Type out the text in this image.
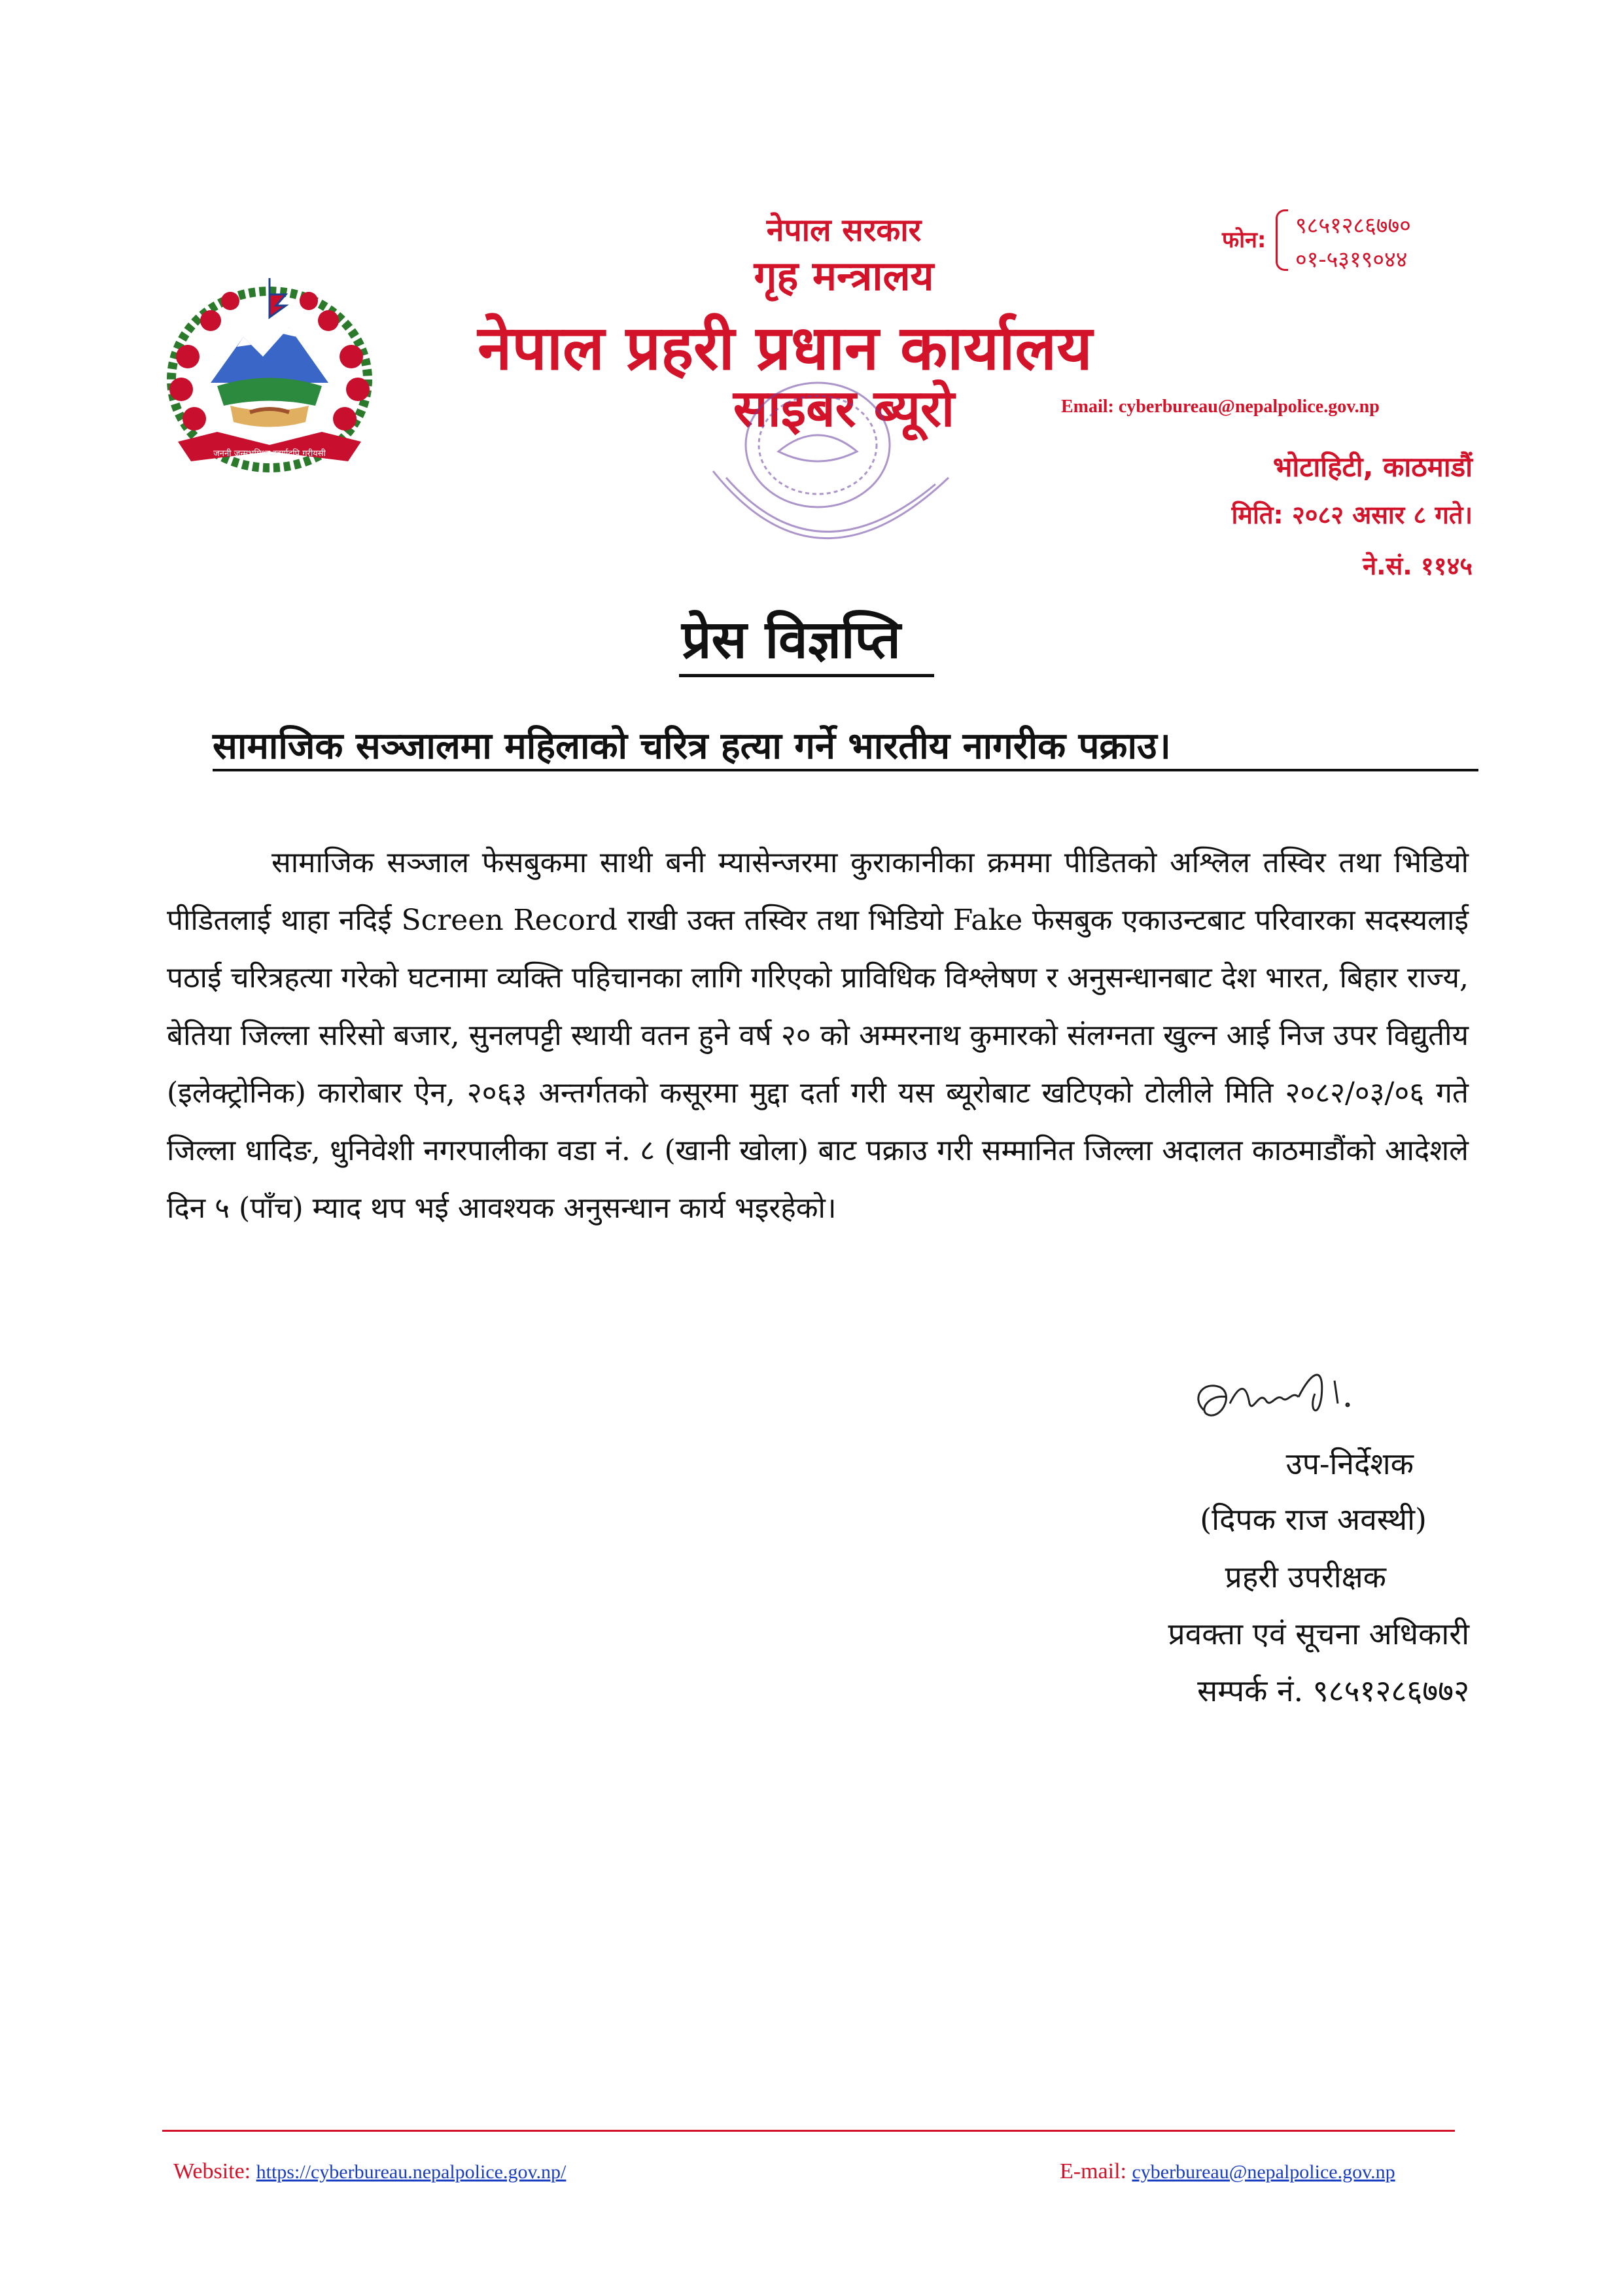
जननी जन्मभूमिश्च स्वर्गादपि गरीयसी
नेपाल सरकार
गृह मन्त्रालय
नेपाल प्रहरी प्रधान कार्यालय
साइबर ब्यूरो
फोन:
९८५१२८६७७०
०१-५३१९०४४
Email: cyberbureau@nepalpolice.gov.np
भोटाहिटी, काठमाडौं
मिति: २०८२ असार ८ गते।
ने.सं. ११४५
प्रेस विज्ञप्ति
सामाजिक सञ्जालमा महिलाको चरित्र हत्या गर्ने भारतीय नागरीक पक्राउ।
सामाजिक सञ्जाल फेसबुकमा साथी बनी म्यासेन्जरमा कुराकानीका क्रममा पीडितको अश्लिल तस्विर तथा भिडियो पीडितलाई थाहा नदिई Screen Record राखी उक्त तस्विर तथा भिडियो Fake फेसबुक एकाउन्टबाट परिवारका सदस्यलाई पठाई चरित्रहत्या गरेको घटनामा व्यक्ति पहिचानका लागि गरिएको प्राविधिक विश्लेषण र अनुसन्धानबाट देश भारत, बिहार राज्य, बेतिया जिल्ला सरिसो बजार, सुनलपट्टी स्थायी वतन हुने वर्ष २० को अम्मरनाथ कुमारको संलग्नता खुल्न आई निज उपर विद्युतीय (इलेक्ट्रोनिक) कारोबार ऐन, २०६३ अन्तर्गतको कसूरमा मुद्दा दर्ता गरी यस ब्यूरोबाट खटिएको टोलीले मिति २०८२/०३/०६ गते जिल्ला धादिङ, धुनिवेशी नगरपालीका वडा नं. ८ (खानी खोला) बाट पक्राउ गरी सम्मानित जिल्ला अदालत काठमाडौंको आदेशले दिन ५ (पाँच) म्याद थप भई आवश्यक अनुसन्धान कार्य भइरहेको।
उप-निर्देशक
(दिपक राज अवस्थी)
प्रहरी उपरीक्षक
प्रवक्ता एवं सूचना अधिकारी
सम्पर्क नं. ९८५१२८६७७२
Website: https://cyberbureau.nepalpolice.gov.np/	E-mail: cyberbureau@nepalpolice.gov.np
